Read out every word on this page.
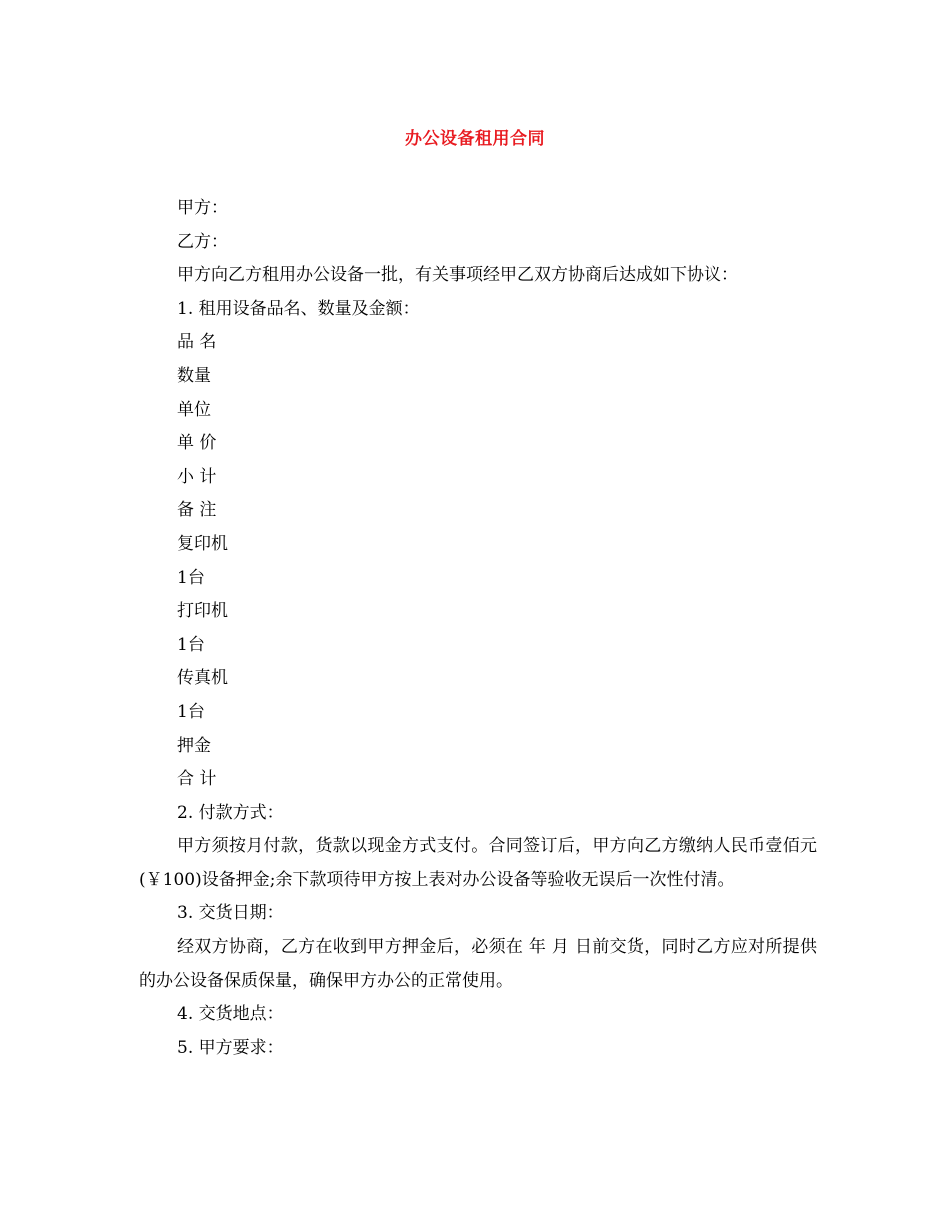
办公设备租用合同
甲方：
乙方：
甲方向乙方租用办公设备一批，有关事项经甲乙双方协商后达成如下协议：
1. 租用设备品名、数量及金额：
品 名
数量
单位
单 价
小 计
备 注
复印机
1台
打印机
1台
传真机
1台
押金
合 计
2. 付款方式：
甲方须按月付款，货款以现金方式支付。合同签订后，甲方向乙方缴纳人民币壹佰元(￥100)设备押金;余下款项待甲方按上表对办公设备等验收无误后一次性付清。
3. 交货日期：
经双方协商，乙方在收到甲方押金后，必须在 年 月 日前交货，同时乙方应对所提供的办公设备保质保量，确保甲方办公的正常使用。
4. 交货地点：
5. 甲方要求：
